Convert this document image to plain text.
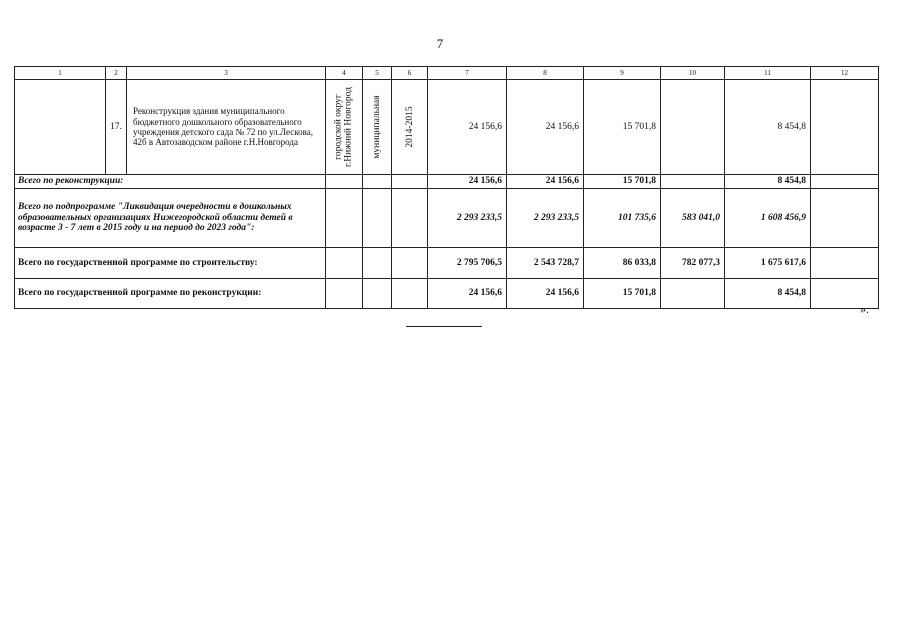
7
1	2	3	4	5	6	7	8	9	10	11	12
	17.	Реконструкция здания муниципального бюджетного дошкольного образовательного учреждения детского сада № 72 по ул.Лескова, 42б в Автозаводском районе г.Н.Новгорода	городской округ г.Нижний Новгород	муниципальная	2014-2015	24 156,6	24 156,6	15 701,8		8 454,8	
Всего по реконструкции:						24 156,6	24 156,6	15 701,8		8 454,8	
Всего по подпрограмме "Ликвидация очередности в дошкольных образовательных организациях Нижегородской области детей в возрасте 3 - 7 лет в 2015 году и на период до 2023 года":						2 293 233,5	2 293 233,5	101 735,6	583 041,0	1 608 456,9	
Всего по государственной программе по строительству:						2 795 706,5	2 543 728,7	86 033,8	782 077,3	1 675 617,6	
Всего по государственной программе по реконструкции:						24 156,6	24 156,6	15 701,8		8 454,8	
».
